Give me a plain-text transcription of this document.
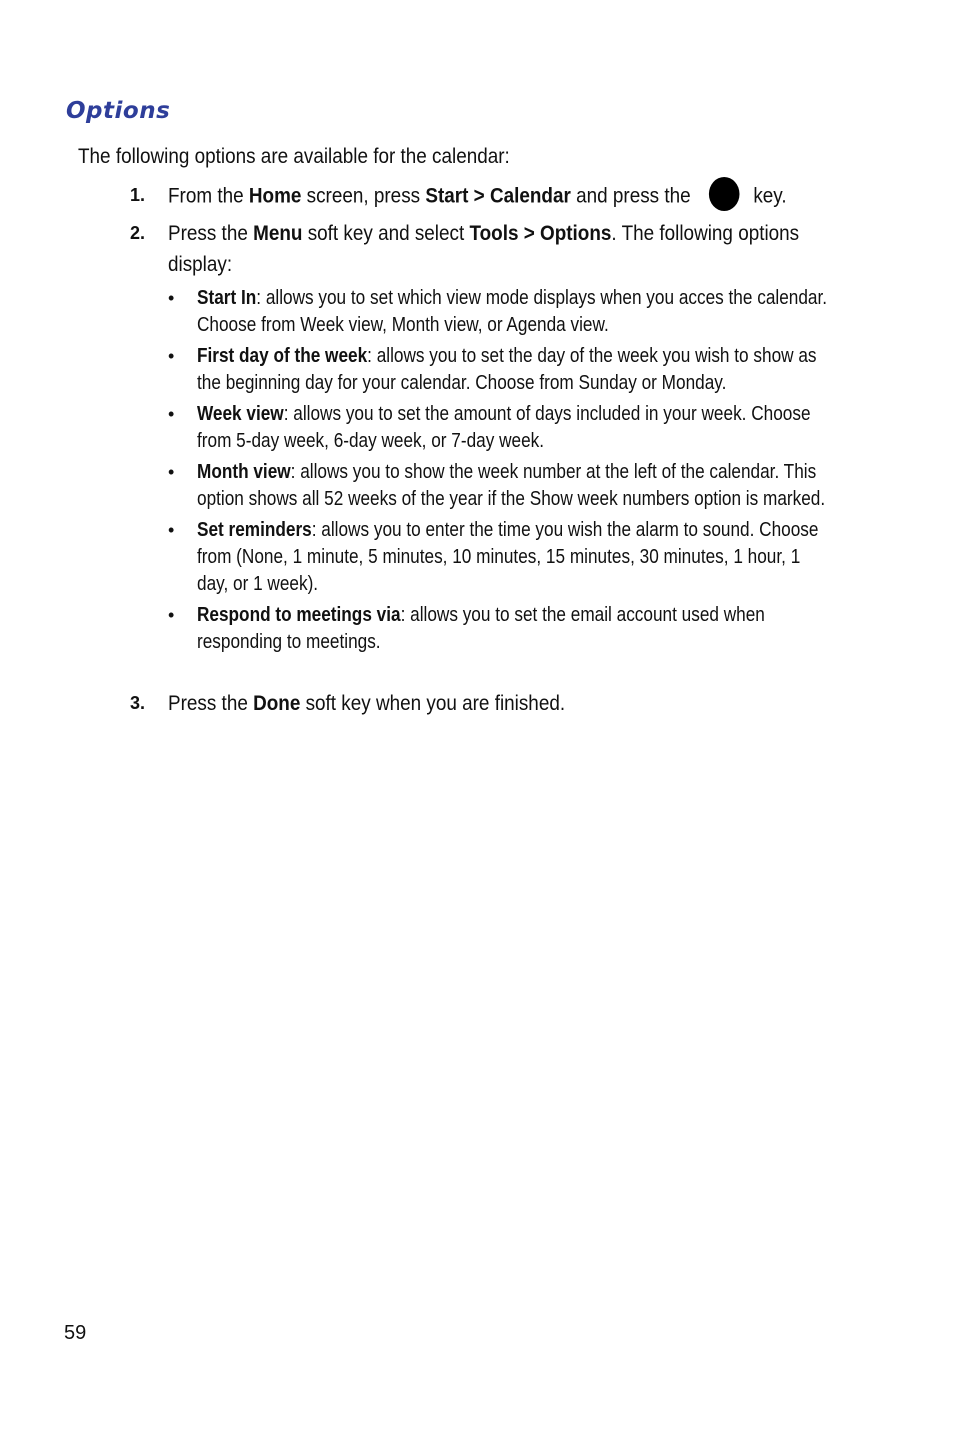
Options
The following options are available for the calendar:
1. From the Home screen, press Start > Calendar and press the  key.
2. Press the Menu soft key and select Tools > Options. The following options display:
• Start In: allows you to set which view mode displays when you acces the calendar. Choose from Week view, Month view, or Agenda view.
• First day of the week: allows you to set the day of the week you wish to show as the beginning day for your calendar. Choose from Sunday or Monday.
• Week view: allows you to set the amount of days included in your week. Choose from 5-day week, 6-day week, or 7-day week.
• Month view: allows you to show the week number at the left of the calendar. This option shows all 52 weeks of the year if the Show week numbers option is marked.
• Set reminders: allows you to enter the time you wish the alarm to sound. Choose from (None, 1 minute, 5 minutes, 10 minutes, 15 minutes, 30 minutes, 1 hour, 1 day, or 1 week).
• Respond to meetings via: allows you to set the email account used when responding to meetings.
3. Press the Done soft key when you are finished.
59
